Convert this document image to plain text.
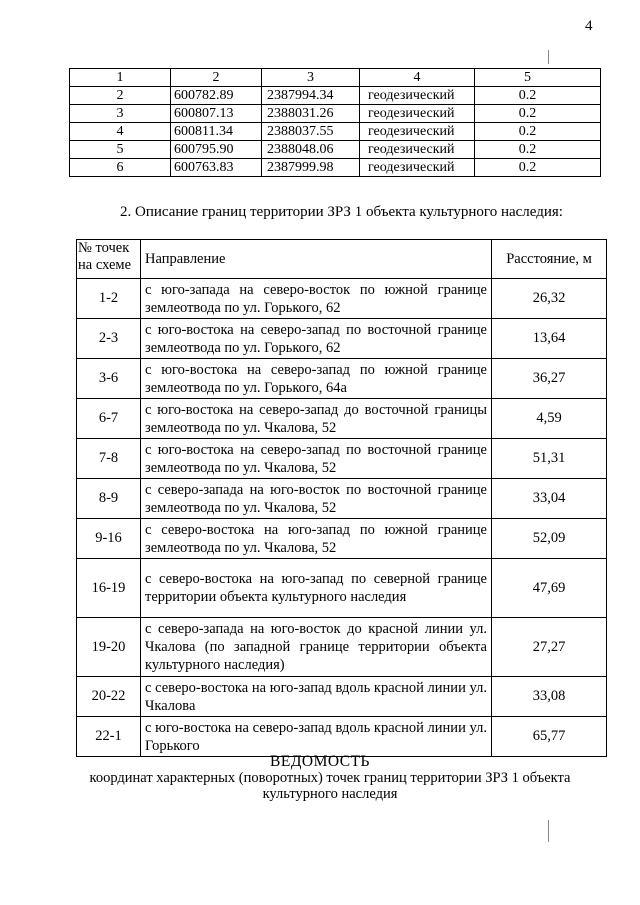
4
1	2	3	4	5
2	600782.89	2387994.34	геодезический	0.2
3	600807.13	2388031.26	геодезический	0.2
4	600811.34	2388037.55	геодезический	0.2
5	600795.90	2388048.06	геодезический	0.2
6	600763.83	2387999.98	геодезический	0.2
2. Описание границ территории ЗРЗ 1 объекта культурного наследия:
№ точек на схеме	Направление	Расстояние, м
1-2	с юго-запада на северо-восток по южной границе землеотвода по ул. Горького, 62	26,32
2-3	с юго-востока на северо-запад по восточной границе землеотвода по ул. Горького, 62	13,64
3-6	с юго-востока на северо-запад по южной границе землеотвода по ул. Горького, 64а	36,27
6-7	с юго-востока на северо-запад до восточной границы землеотвода по ул. Чкалова, 52	4,59
7-8	с юго-востока на северо-запад по восточной границе землеотвода по ул. Чкалова, 52	51,31
8-9	с северо-запада на юго-восток по восточной границе землеотвода по ул. Чкалова, 52	33,04
9-16	с северо-востока на юго-запад по южной границе землеотвода по ул. Чкалова, 52	52,09
16-19	с северо-востока на юго-запад по северной границе территории объекта культурного наследия	47,69
19-20	с северо-запада на юго-восток до красной линии ул. Чкалова (по западной границе территории объекта культурного наследия)	27,27
20-22	с северо-востока на юго-запад вдоль красной линии ул. Чкалова	33,08
22-1	с юго-востока на северо-запад вдоль красной линии ул. Горького	65,77
ВЕДОМОСТЬ
координат характерных (поворотных) точек границ территории ЗРЗ 1 объекта культурного наследия
